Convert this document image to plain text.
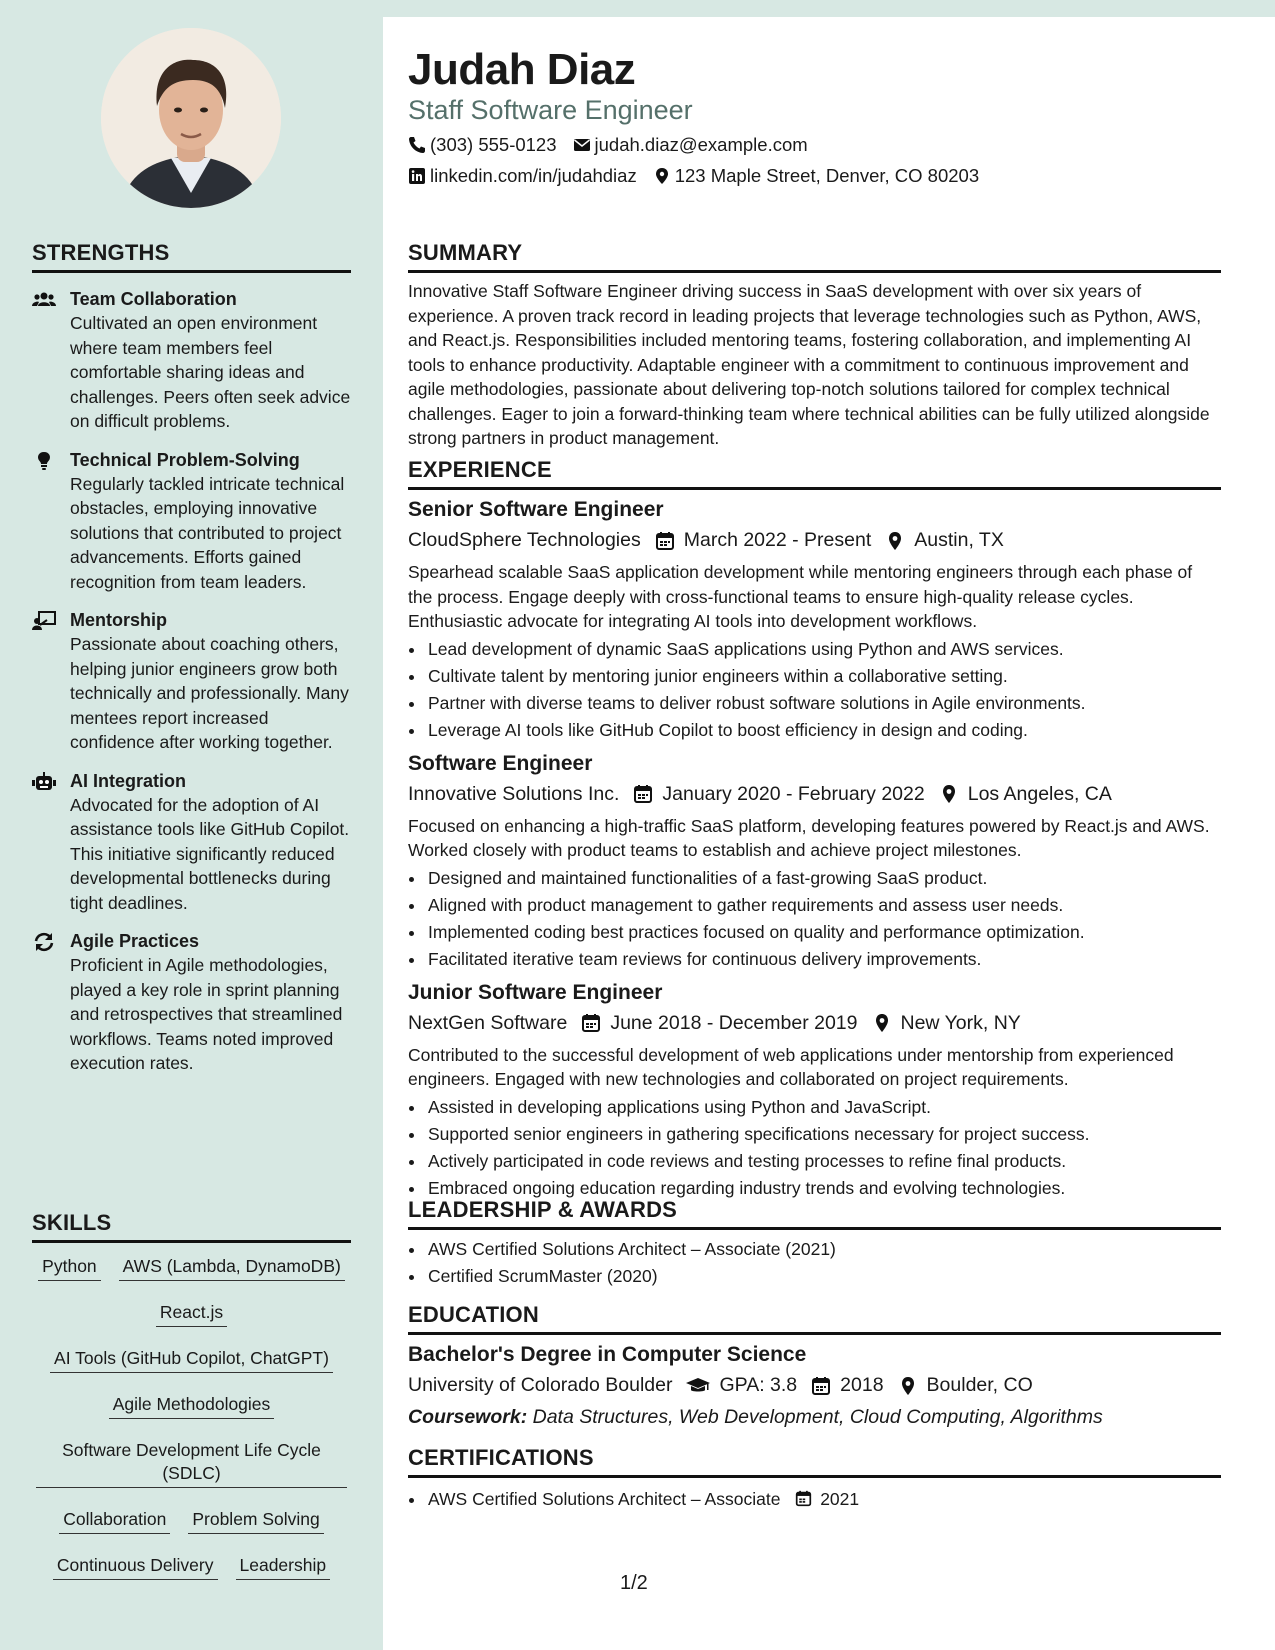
STRENGTHS
Team Collaboration
Cultivated an open environment where team members feel comfortable sharing ideas and challenges. Peers often seek advice on difficult problems.
Technical Problem-Solving
Regularly tackled intricate technical obstacles, employing innovative solutions that contributed to project advancements. Efforts gained recognition from team leaders.
Mentorship
Passionate about coaching others, helping junior engineers grow both technically and professionally. Many mentees report increased confidence after working together.
AI Integration
Advocated for the adoption of AI assistance tools like GitHub Copilot. This initiative significantly reduced developmental bottlenecks during tight deadlines.
Agile Practices
Proficient in Agile methodologies, played a key role in sprint planning and retrospectives that streamlined workflows. Teams noted improved execution rates.
SKILLS
Python AWS (Lambda, DynamoDB)
React.js
AI Tools (GitHub Copilot, ChatGPT)
Agile Methodologies
Software Development Life Cycle (SDLC)
Collaboration Problem Solving
Continuous Delivery Leadership
Judah Diaz
Staff Software Engineer
(303) 555-0123 judah.diaz@example.com
linkedin.com/in/judahdiaz 123 Maple Street, Denver, CO 80203
SUMMARY
Innovative Staff Software Engineer driving success in SaaS development with over six years of experience. A proven track record in leading projects that leverage technologies such as Python, AWS, and React.js. Responsibilities included mentoring teams, fostering collaboration, and implementing AI tools to enhance productivity. Adaptable engineer with a commitment to continuous improvement and agile methodologies, passionate about delivering top-notch solutions tailored for complex technical challenges. Eager to join a forward-thinking team where technical abilities can be fully utilized alongside strong partners in product management.
EXPERIENCE
Senior Software Engineer
CloudSphere Technologies March 2022 - Present Austin, TX
Spearhead scalable SaaS application development while mentoring engineers through each phase of the process. Engage deeply with cross-functional teams to ensure high-quality release cycles. Enthusiastic advocate for integrating AI tools into development workflows.
• Lead development of dynamic SaaS applications using Python and AWS services.
• Cultivate talent by mentoring junior engineers within a collaborative setting.
• Partner with diverse teams to deliver robust software solutions in Agile environments.
• Leverage AI tools like GitHub Copilot to boost efficiency in design and coding.
Software Engineer
Innovative Solutions Inc. January 2020 - February 2022 Los Angeles, CA
Focused on enhancing a high-traffic SaaS platform, developing features powered by React.js and AWS. Worked closely with product teams to establish and achieve project milestones.
• Designed and maintained functionalities of a fast-growing SaaS product.
• Aligned with product management to gather requirements and assess user needs.
• Implemented coding best practices focused on quality and performance optimization.
• Facilitated iterative team reviews for continuous delivery improvements.
Junior Software Engineer
NextGen Software June 2018 - December 2019 New York, NY
Contributed to the successful development of web applications under mentorship from experienced engineers. Engaged with new technologies and collaborated on project requirements.
• Assisted in developing applications using Python and JavaScript.
• Supported senior engineers in gathering specifications necessary for project success.
• Actively participated in code reviews and testing processes to refine final products.
• Embraced ongoing education regarding industry trends and evolving technologies.
LEADERSHIP & AWARDS
• AWS Certified Solutions Architect – Associate (2021)
• Certified ScrumMaster (2020)
EDUCATION
Bachelor's Degree in Computer Science
University of Colorado Boulder GPA: 3.8 2018 Boulder, CO
Coursework: Data Structures, Web Development, Cloud Computing, Algorithms
CERTIFICATIONS
• AWS Certified Solutions Architect – Associate 2021
1/2
